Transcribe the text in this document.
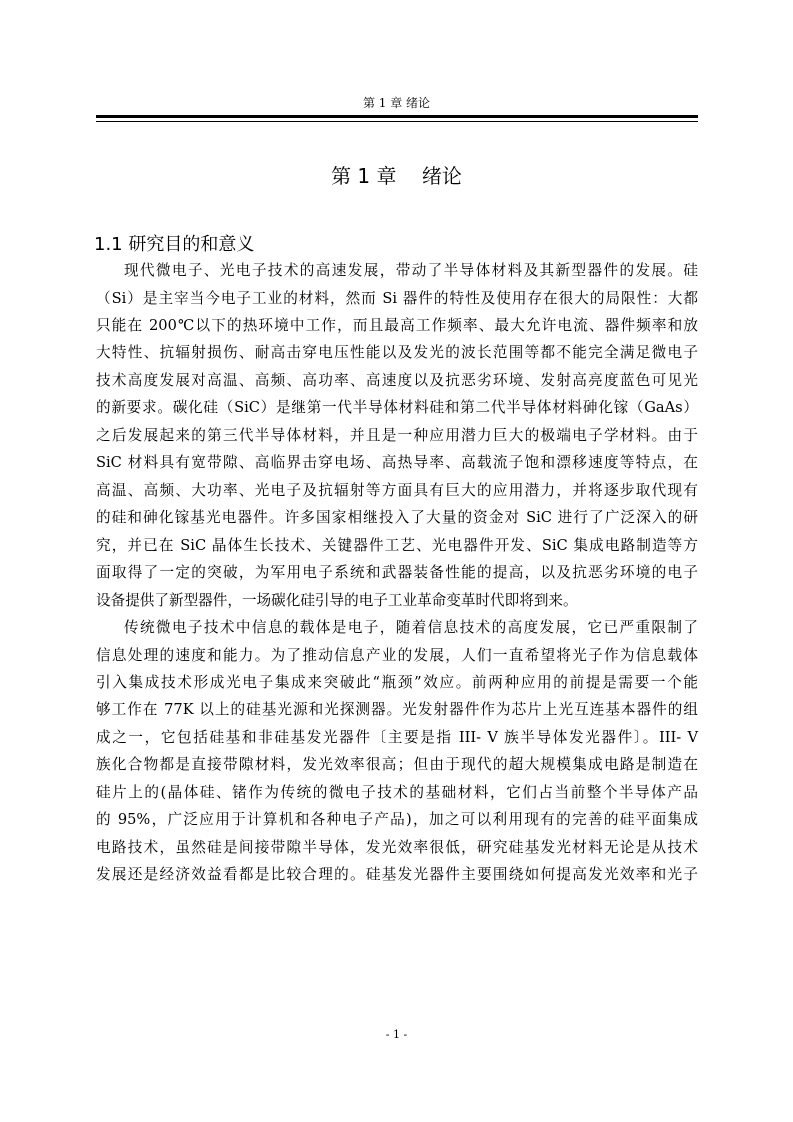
第 1 章 绪论
第 1 章    绪论
1.1 研究目的和意义
现代微电子、光电子技术的高速发展，带动了半导体材料及其新型器件的发展。硅
（Si）是主宰当今电子工业的材料，然而 Si 器件的特性及使用存在很大的局限性：大都
只能在 200℃以下的热环境中工作，而且最高工作频率、最大允许电流、器件频率和放
大特性、抗辐射损伤、耐高击穿电压性能以及发光的波长范围等都不能完全满足微电子
技术高度发展对高温、高频、高功率、高速度以及抗恶劣环境、发射高亮度蓝色可见光
的新要求。碳化硅（SiC）是继第一代半导体材料硅和第二代半导体材料砷化镓（GaAs）
之后发展起来的第三代半导体材料，并且是一种应用潜力巨大的极端电子学材料。由于
SiC 材料具有宽带隙、高临界击穿电场、高热导率、高载流子饱和漂移速度等特点，在
高温、高频、大功率、光电子及抗辐射等方面具有巨大的应用潜力，并将逐步取代现有
的硅和砷化镓基光电器件。许多国家相继投入了大量的资金对 SiC 进行了广泛深入的研
究，并已在 SiC 晶体生长技术、关键器件工艺、光电器件开发、SiC 集成电路制造等方
面取得了一定的突破，为军用电子系统和武器装备性能的提高，以及抗恶劣环境的电子
设备提供了新型器件，一场碳化硅引导的电子工业革命变革时代即将到来。
传统微电子技术中信息的载体是电子，随着信息技术的高度发展，它已严重限制了
信息处理的速度和能力。为了推动信息产业的发展，人们一直希望将光子作为信息载体
引入集成技术形成光电子集成来突破此“瓶颈”效应。前两种应用的前提是需要一个能
够工作在 77K 以上的硅基光源和光探测器。光发射器件作为芯片上光互连基本器件的组
成之一，它包括硅基和非硅基发光器件〔主要是指 III- V 族半导体发光器件〕。III- V
族化合物都是直接带隙材料，发光效率很高；但由于现代的超大规模集成电路是制造在
硅片上的(晶体硅、锗作为传统的微电子技术的基础材料，它们占当前整个半导体产品
的 95%，广泛应用于计算机和各种电子产品)，加之可以利用现有的完善的硅平面集成
电路技术，虽然硅是间接带隙半导体，发光效率很低，研究硅基发光材料无论是从技术
发展还是经济效益看都是比较合理的。硅基发光器件主要围绕如何提高发光效率和光子
- 1 -
